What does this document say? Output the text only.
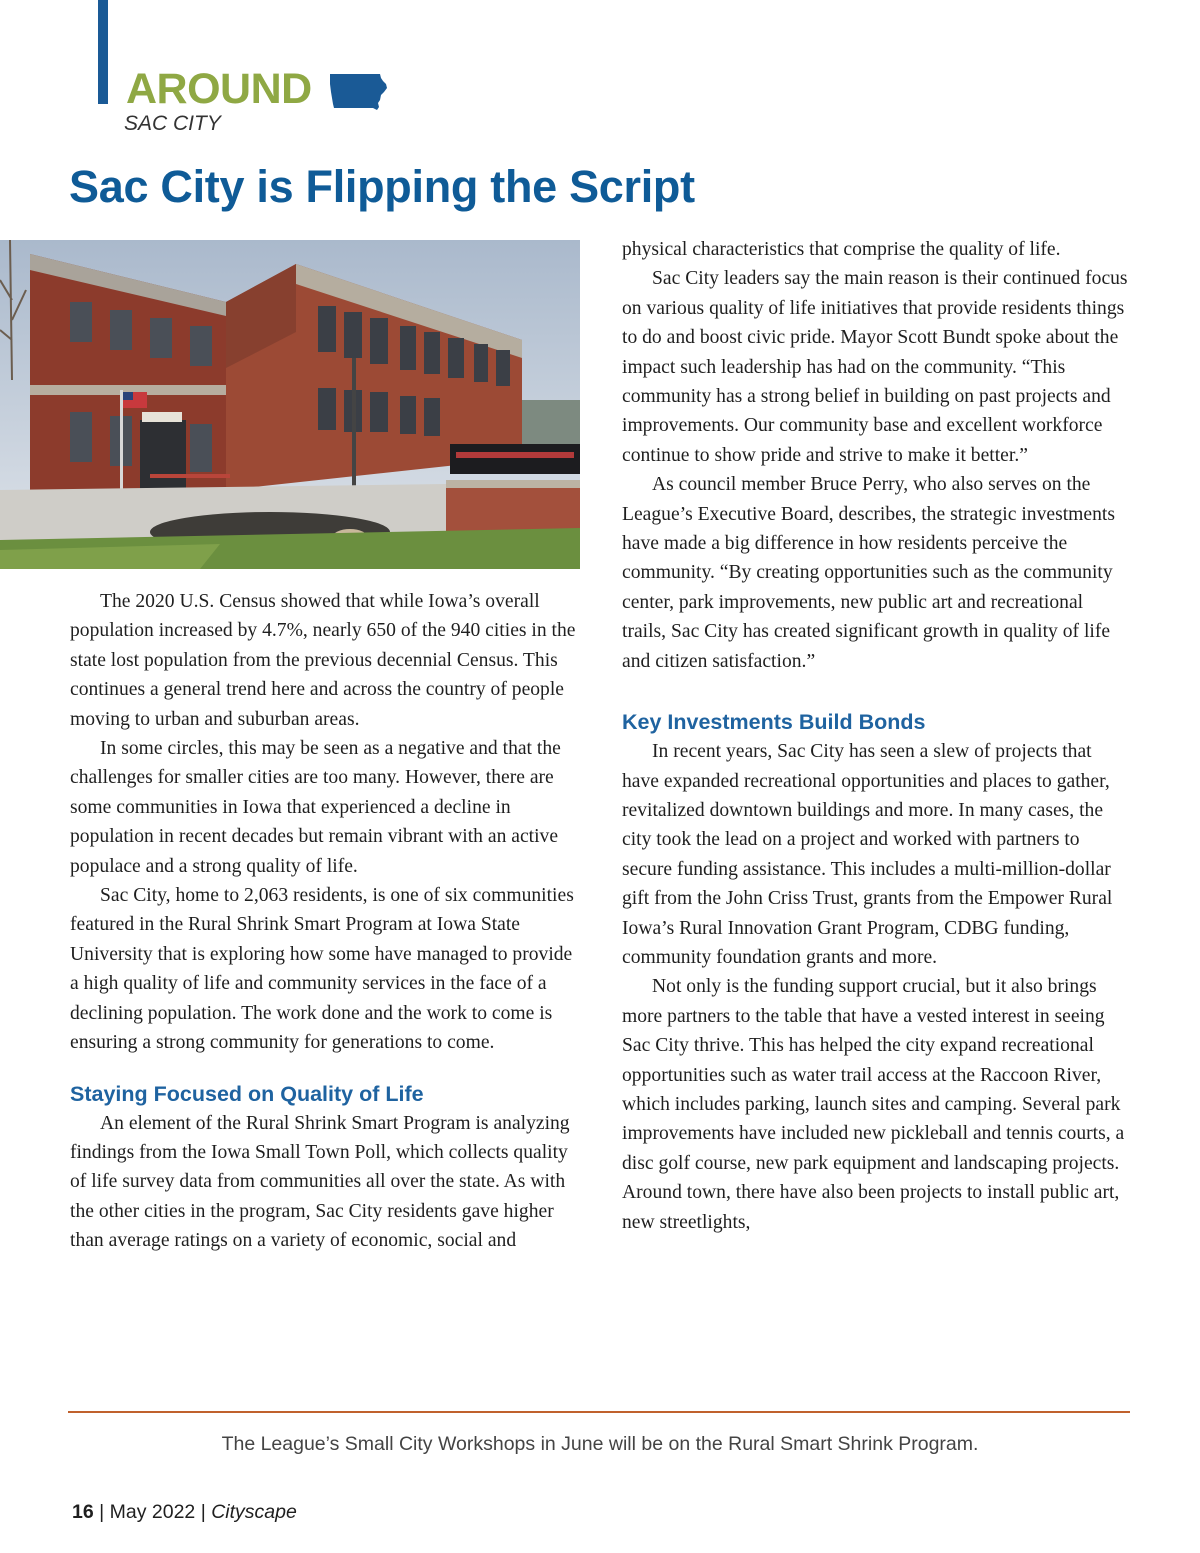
AROUND
SAC CITY
Sac City is Flipping the Script

The 2020 U.S. Census showed that while Iowa’s overall population increased by 4.7%, nearly 650 of the 940 cities in the state lost population from the previous decennial Census. This continues a general trend here and across the country of people moving to urban and suburban areas.

In some circles, this may be seen as a negative and that the challenges for smaller cities are too many. However, there are some communities in Iowa that experienced a decline in population in recent decades but remain vibrant with an active populace and a strong quality of life.

Sac City, home to 2,063 residents, is one of six communities featured in the Rural Shrink Smart Program at Iowa State University that is exploring how some have managed to provide a high quality of life and community services in the face of a declining population. The work done and the work to come is ensuring a strong community for generations to come.

Staying Focused on Quality of Life

An element of the Rural Shrink Smart Program is analyzing findings from the Iowa Small Town Poll, which collects quality of life survey data from communities all over the state. As with the other cities in the program, Sac City residents gave higher than average ratings on a variety of economic, social and

physical characteristics that comprise the quality of life.

Sac City leaders say the main reason is their continued focus on various quality of life initiatives that provide residents things to do and boost civic pride. Mayor Scott Bundt spoke about the impact such leadership has had on the community. “This community has a strong belief in building on past projects and improvements. Our community base and excellent workforce continue to show pride and strive to make it better.”

As council member Bruce Perry, who also serves on the League’s Executive Board, describes, the strategic investments have made a big difference in how residents perceive the community. “By creating opportunities such as the community center, park improvements, new public art and recreational trails, Sac City has created significant growth in quality of life and citizen satisfaction.”

Key Investments Build Bonds

In recent years, Sac City has seen a slew of projects that have expanded recreational opportunities and places to gather, revitalized downtown buildings and more. In many cases, the city took the lead on a project and worked with partners to secure funding assistance. This includes a multi-million-dollar gift from the John Criss Trust, grants from the Empower Rural Iowa’s Rural Innovation Grant Program, CDBG funding, community foundation grants and more.

Not only is the funding support crucial, but it also brings more partners to the table that have a vested interest in seeing Sac City thrive. This has helped the city expand recreational opportunities such as water trail access at the Raccoon River, which includes parking, launch sites and camping. Several park improvements have included new pickleball and tennis courts, a disc golf course, new park equipment and landscaping projects. Around town, there have also been projects to install public art, new streetlights,

The League’s Small City Workshops in June will be on the Rural Smart Shrink Program.
16 | May 2022 | Cityscape
